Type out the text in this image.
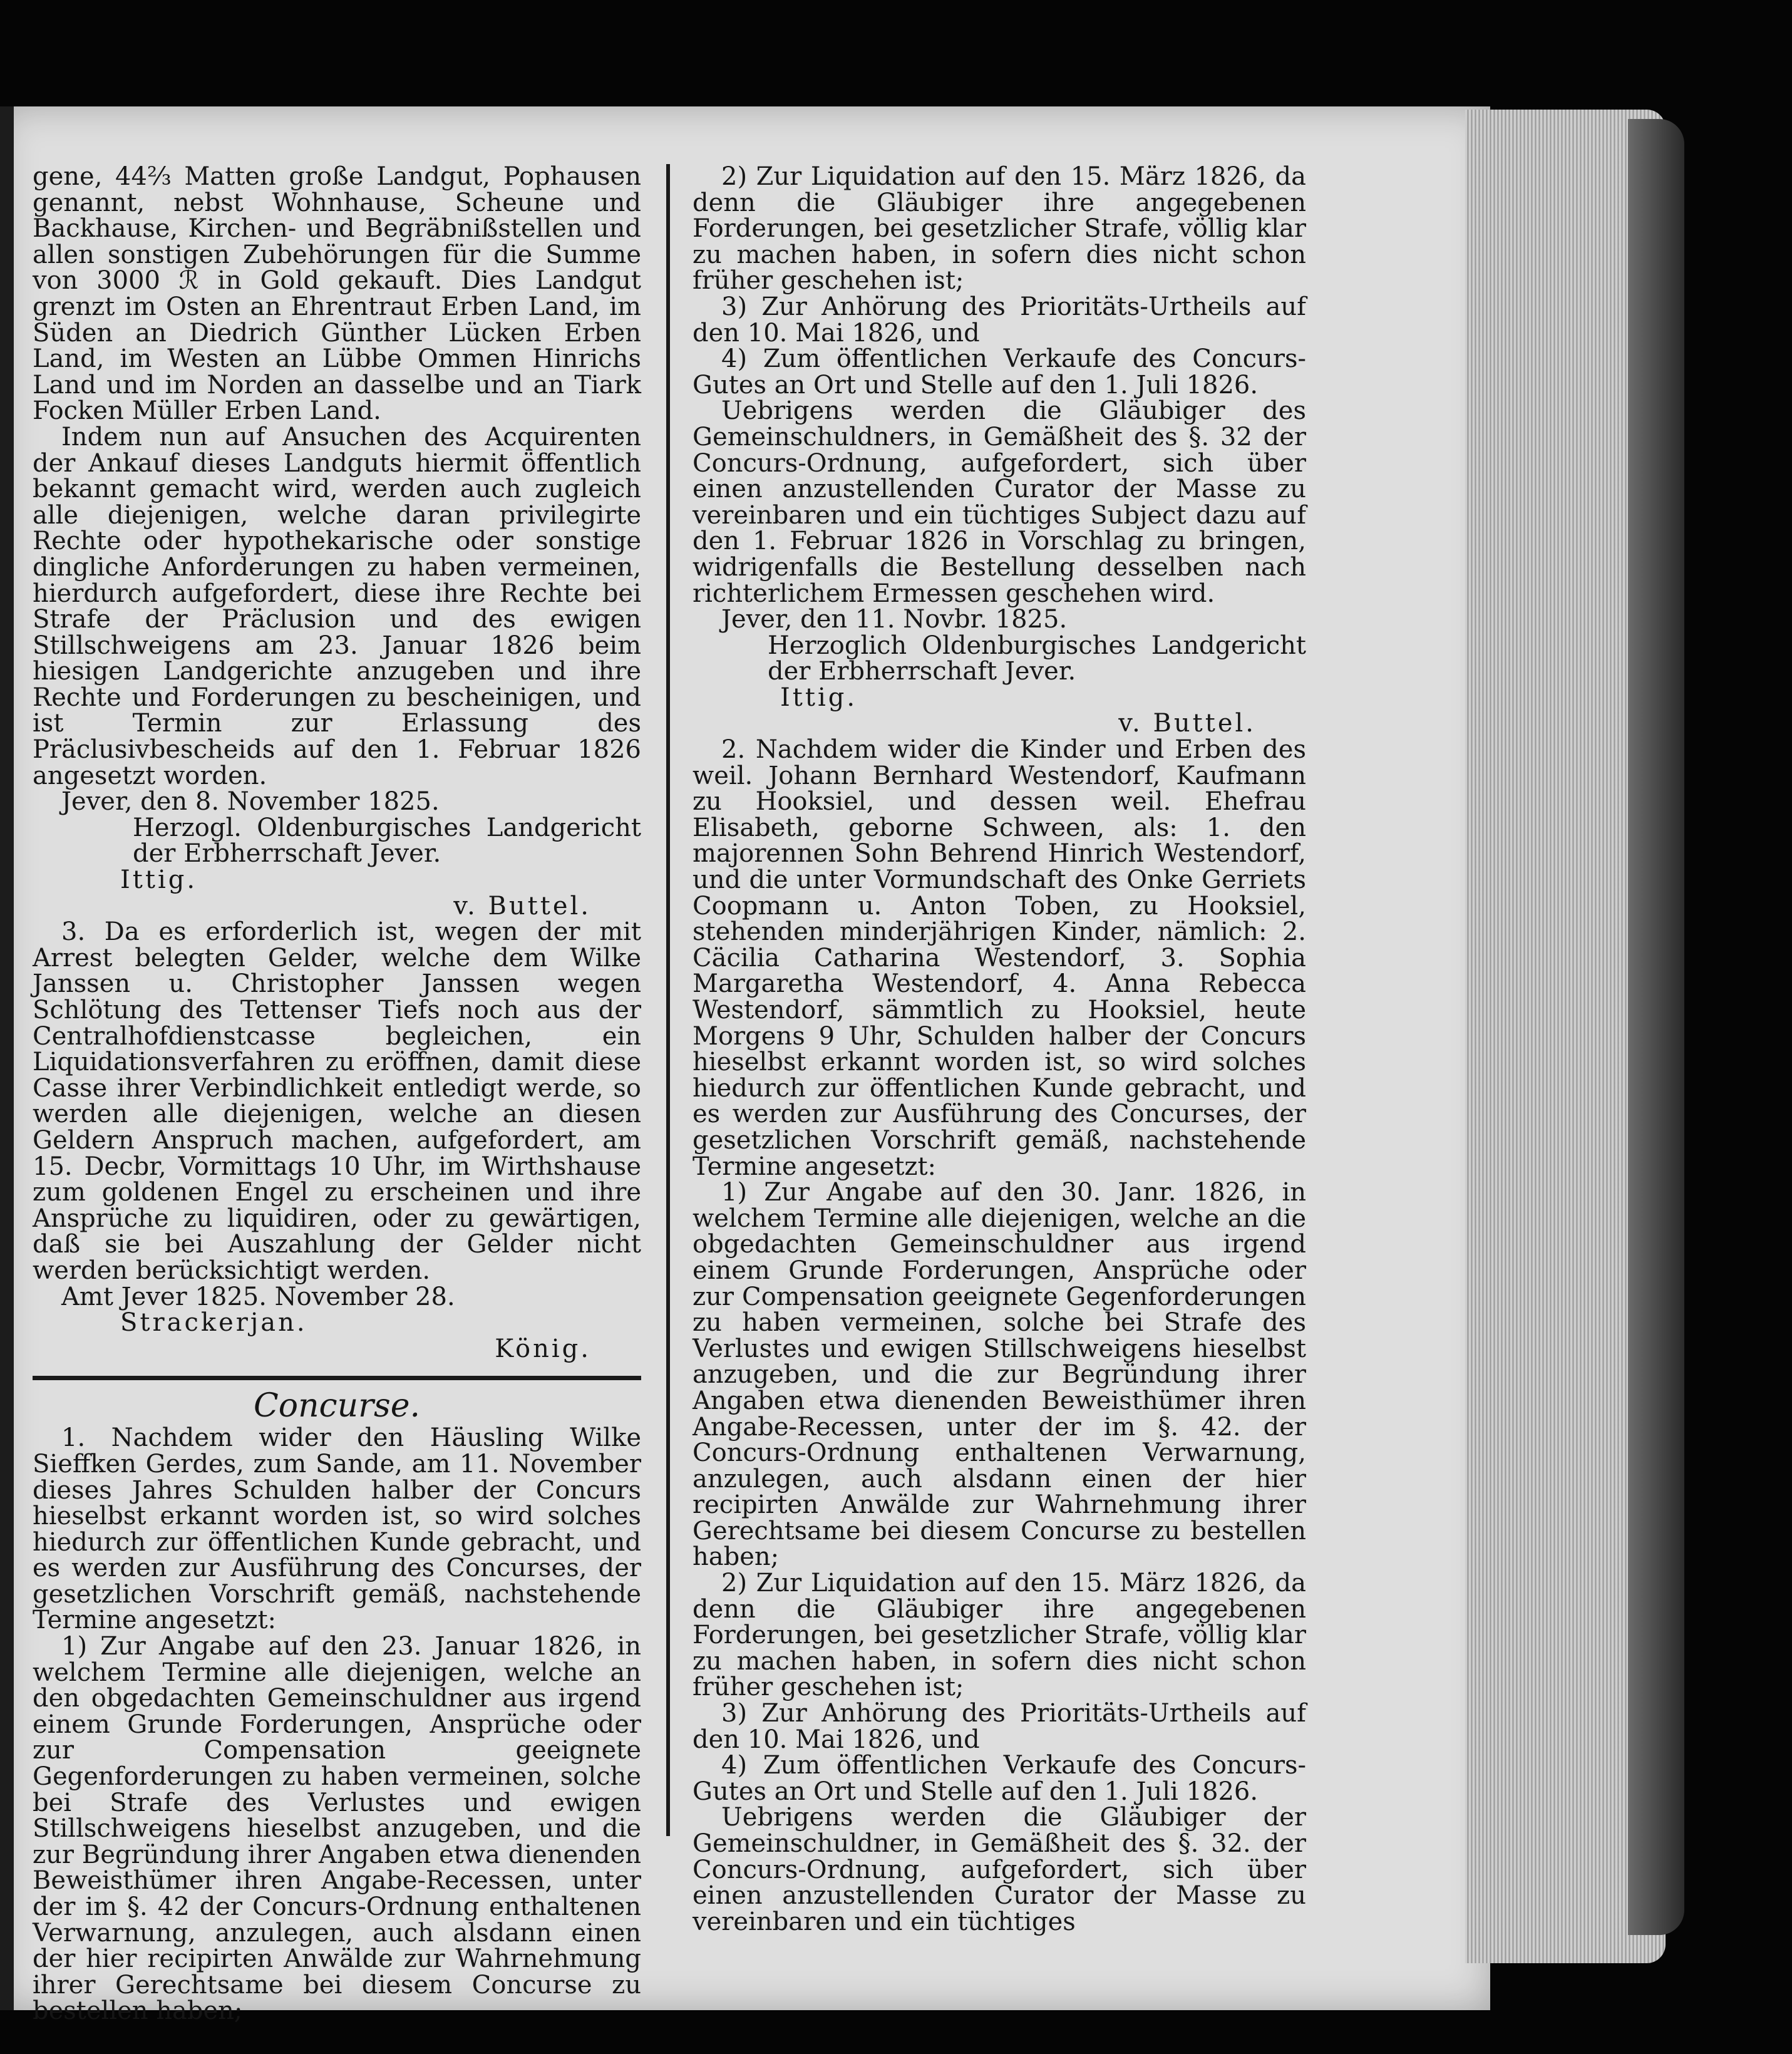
gene, 44⅔ Matten große Landgut, Pophausen genannt, nebst Wohnhause, Scheune und Backhause, Kirchen- und Begräbnißstellen und allen sonstigen Zubehörungen für die Summe von 3000 ℛ in Gold gekauft. Dies Landgut grenzt im Osten an Ehrentraut Erben Land, im Süden an Diedrich Günther Lücken Erben Land, im Westen an Lübbe Ommen Hinrichs Land und im Norden an dasselbe und an Tiark Focken Müller Erben Land.

Indem nun auf Ansuchen des Acquirenten der Ankauf dieses Landguts hiermit öffentlich bekannt gemacht wird, werden auch zugleich alle diejenigen, welche daran privilegirte Rechte oder hypothekarische oder sonstige dingliche Anforderungen zu haben vermeinen, hierdurch aufgefordert, diese ihre Rechte bei Strafe der Präclusion und des ewigen Stillschweigens am 23. Januar 1826 beim hiesigen Landgerichte anzugeben und ihre Rechte und Forderungen zu bescheinigen, und ist Termin zur Erlassung des Präclusivbescheids auf den 1. Februar 1826 angesetzt worden.

Jever, den 8. November 1825.

Herzogl. Oldenburgisches Landgericht der Erbherrschaft Jever.

Ittig.

v. Buttel.

3. Da es erforderlich ist, wegen der mit Arrest belegten Gelder, welche dem Wilke Janssen u. Christopher Janssen wegen Schlötung des Tettenser Tiefs noch aus der Centralhofdienstcasse begleichen, ein Liquidationsverfahren zu eröffnen, damit diese Casse ihrer Verbindlichkeit entledigt werde, so werden alle diejenigen, welche an diesen Geldern Anspruch machen, aufgefordert, am 15. Decbr, Vormittags 10 Uhr, im Wirthshause zum goldenen Engel zu erscheinen und ihre Ansprüche zu liquidiren, oder zu gewärtigen, daß sie bei Auszahlung der Gelder nicht werden berücksichtigt werden.

Amt Jever 1825. November 28.

Strackerjan.

König.

Concurse.

1. Nachdem wider den Häusling Wilke Sieffken Gerdes, zum Sande, am 11. November dieses Jahres Schulden halber der Concurs hieselbst erkannt worden ist, so wird solches hiedurch zur öffentlichen Kunde gebracht, und es werden zur Ausführung des Concurses, der gesetzlichen Vorschrift gemäß, nachstehende Termine angesetzt:

1) Zur Angabe auf den 23. Januar 1826, in welchem Termine alle diejenigen, welche an den obgedachten Gemeinschuldner aus irgend einem Grunde Forderungen, Ansprüche oder zur Compensation geeignete Gegenforderungen zu haben vermeinen, solche bei Strafe des Verlustes und ewigen Stillschweigens hieselbst anzugeben, und die zur Begründung ihrer Angaben etwa dienenden Beweisthümer ihren Angabe-Recessen, unter der im §. 42 der Concurs-Ordnung enthaltenen Verwarnung, anzulegen, auch alsdann einen der hier recipirten Anwälde zur Wahrnehmung ihrer Gerechtsame bei diesem Concurse zu bestellen haben;

2) Zur Liquidation auf den 15. März 1826, da denn die Gläubiger ihre angegebenen Forderungen, bei gesetzlicher Strafe, völlig klar zu machen haben, in sofern dies nicht schon früher geschehen ist;

3) Zur Anhörung des Prioritäts-Urtheils auf den 10. Mai 1826, und

4) Zum öffentlichen Verkaufe des Concurs-Gutes an Ort und Stelle auf den 1. Juli 1826.

Uebrigens werden die Gläubiger des Gemeinschuldners, in Gemäßheit des §. 32 der Concurs-Ordnung, aufgefordert, sich über einen anzustellenden Curator der Masse zu vereinbaren und ein tüchtiges Subject dazu auf den 1. Februar 1826 in Vorschlag zu bringen, widrigenfalls die Bestellung desselben nach richterlichem Ermessen geschehen wird.

Jever, den 11. Novbr. 1825.

Herzoglich Oldenburgisches Landgericht der Erbherrschaft Jever.

Ittig.

v. Buttel.

2. Nachdem wider die Kinder und Erben des weil. Johann Bernhard Westendorf, Kaufmann zu Hooksiel, und dessen weil. Ehefrau Elisabeth, geborne Schween, als: 1. den majorennen Sohn Behrend Hinrich Westendorf, und die unter Vormundschaft des Onke Gerriets Coopmann u. Anton Toben, zu Hooksiel, stehenden minderjährigen Kinder, nämlich: 2. Cäcilia Catharina Westendorf, 3. Sophia Margaretha Westendorf, 4. Anna Rebecca Westendorf, sämmtlich zu Hooksiel, heute Morgens 9 Uhr, Schulden halber der Concurs hieselbst erkannt worden ist, so wird solches hiedurch zur öffentlichen Kunde gebracht, und es werden zur Ausführung des Concurses, der gesetzlichen Vorschrift gemäß, nachstehende Termine angesetzt:

1) Zur Angabe auf den 30. Janr. 1826, in welchem Termine alle diejenigen, welche an die obgedachten Gemeinschuldner aus irgend einem Grunde Forderungen, Ansprüche oder zur Compensation geeignete Gegenforderungen zu haben vermeinen, solche bei Strafe des Verlustes und ewigen Stillschweigens hieselbst anzugeben, und die zur Begründung ihrer Angaben etwa dienenden Beweisthümer ihren Angabe-Recessen, unter der im §. 42. der Concurs-Ordnung enthaltenen Verwarnung, anzulegen, auch alsdann einen der hier recipirten Anwälde zur Wahrnehmung ihrer Gerechtsame bei diesem Concurse zu bestellen haben;

2) Zur Liquidation auf den 15. März 1826, da denn die Gläubiger ihre angegebenen Forderungen, bei gesetzlicher Strafe, völlig klar zu machen haben, in sofern dies nicht schon früher geschehen ist;

3) Zur Anhörung des Prioritäts-Urtheils auf den 10. Mai 1826, und

4) Zum öffentlichen Verkaufe des Concurs-Gutes an Ort und Stelle auf den 1. Juli 1826.

Uebrigens werden die Gläubiger der Gemeinschuldner, in Gemäßheit des §. 32. der Concurs-Ordnung, aufgefordert, sich über einen anzustellenden Curator der Masse zu vereinbaren und ein tüchtiges
